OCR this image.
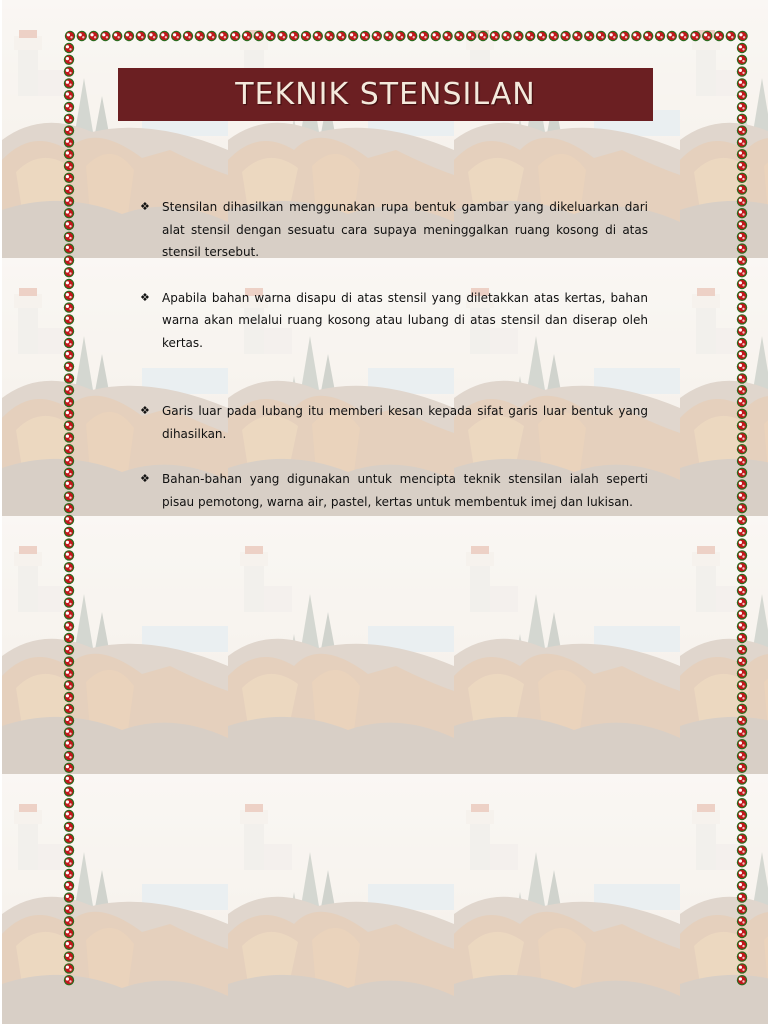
TEKNIK STENSILAN
❖	Stensilan dihasilkan menggunakan rupa bentuk gambar yang dikeluarkan dari alat stensil dengan sesuatu cara supaya meninggalkan ruang kosong di atas stensil tersebut.
❖	Apabila bahan warna disapu di atas stensil yang diletakkan atas kertas, bahan warna akan melalui ruang kosong atau lubang di atas stensil dan diserap oleh kertas.
❖	Garis luar pada lubang itu memberi kesan kepada sifat garis luar bentuk yang dihasilkan.
❖	Bahan-bahan yang digunakan untuk mencipta teknik stensilan ialah seperti pisau pemotong, warna air, pastel, kertas untuk membentuk imej dan lukisan.
